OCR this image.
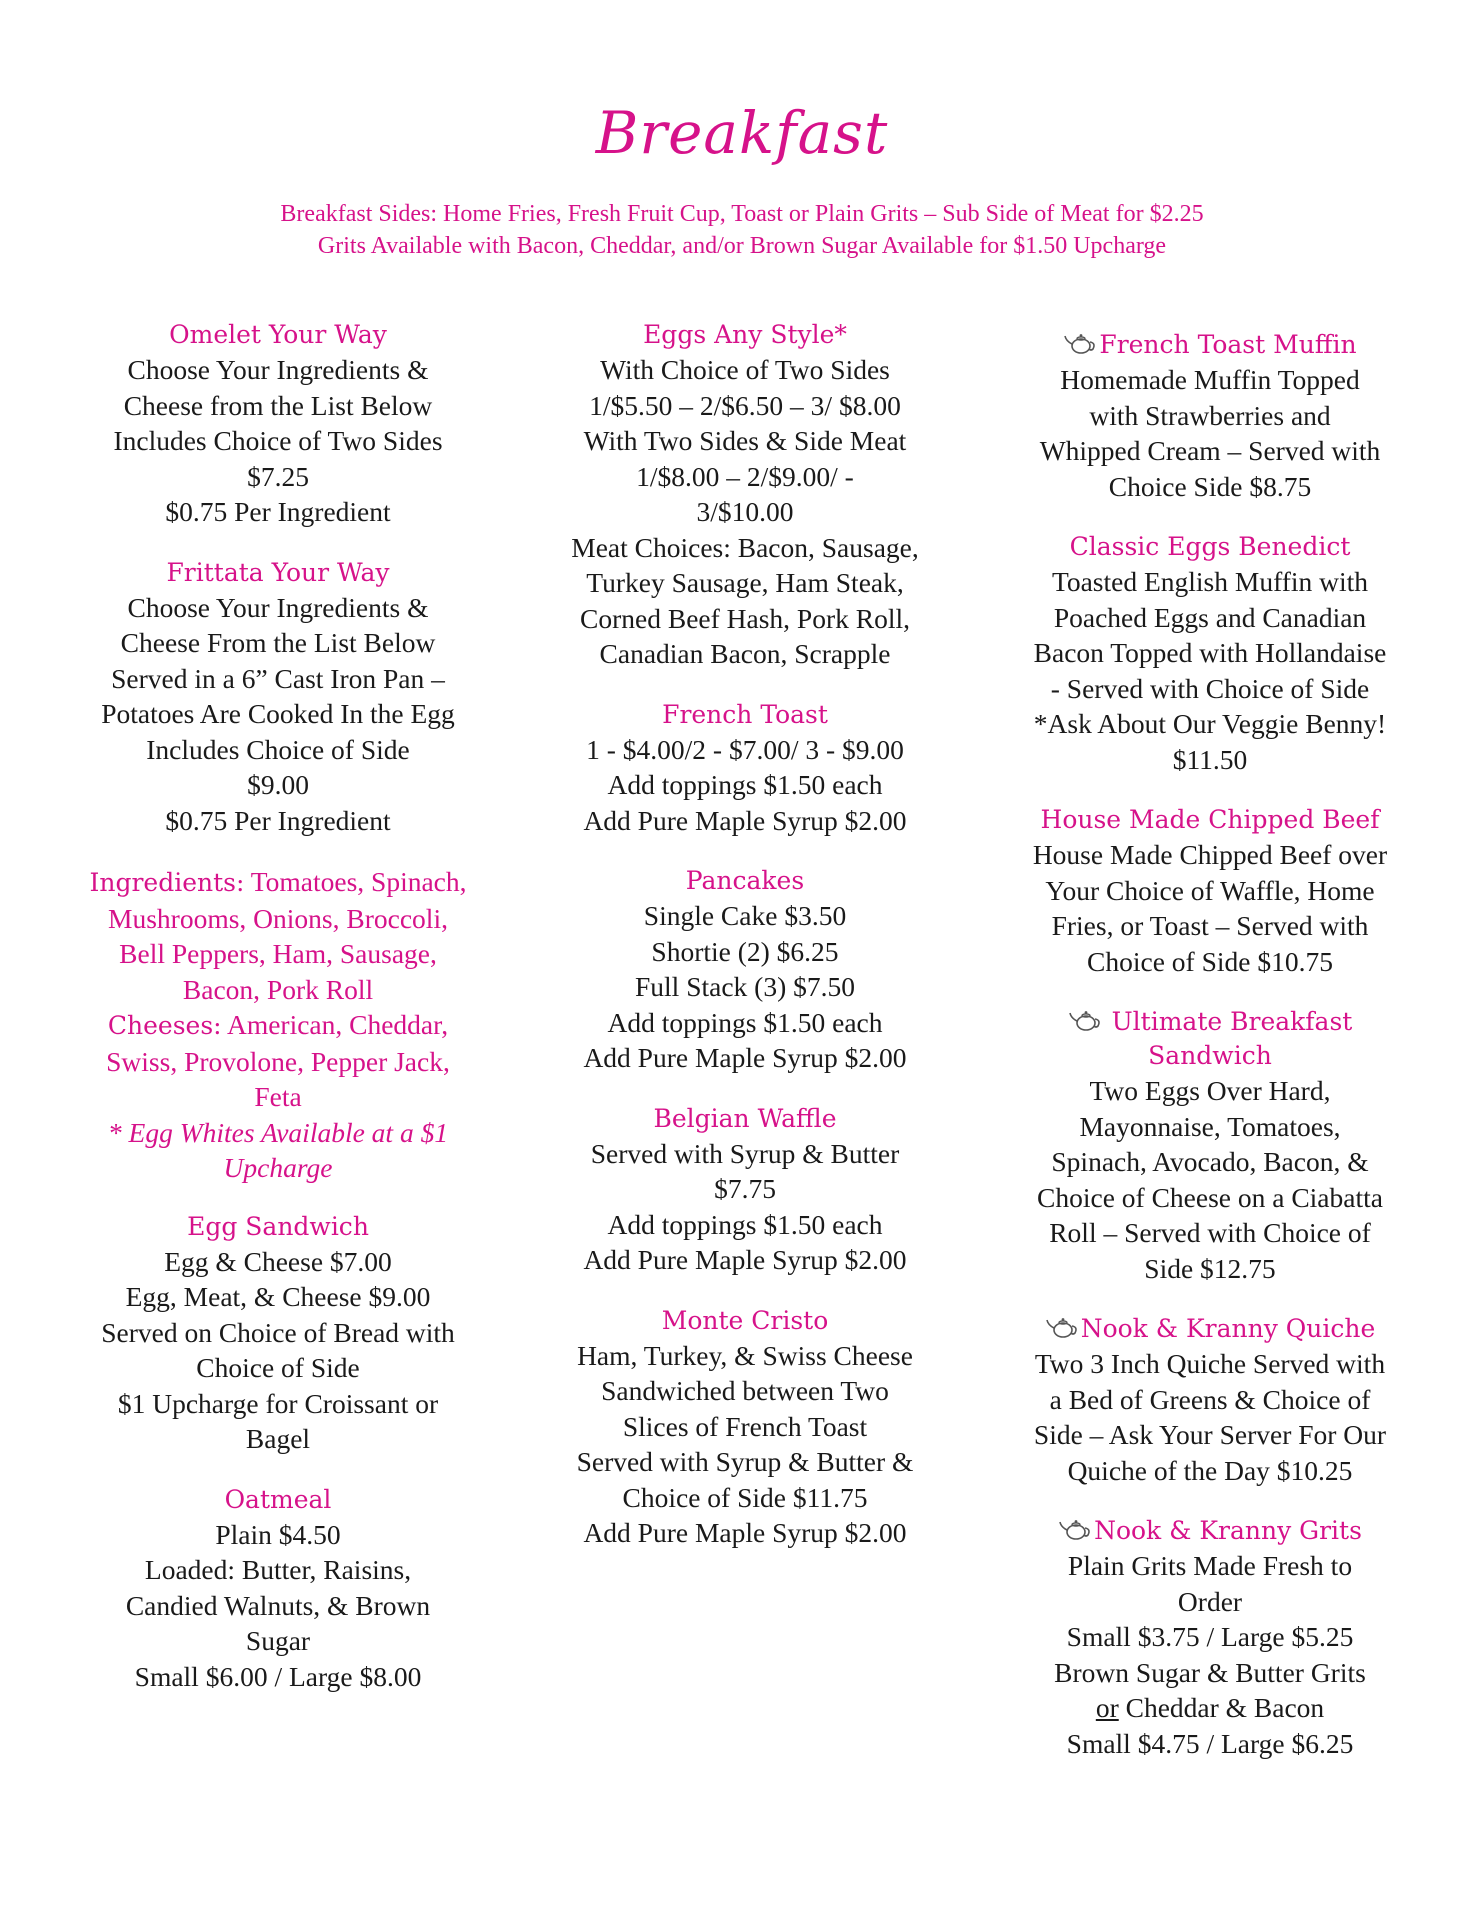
Breakfast
Breakfast Sides: Home Fries, Fresh Fruit Cup, Toast or Plain Grits – Sub Side of Meat for $2.25
Grits Available with Bacon, Cheddar, and/or Brown Sugar Available for $1.50 Upcharge
Omelet Your Way
Choose Your Ingredients &
Cheese from the List Below
Includes Choice of Two Sides
$7.25
$0.75 Per Ingredient
Frittata Your Way
Choose Your Ingredients &
Cheese From the List Below
Served in a 6” Cast Iron Pan –
Potatoes Are Cooked In the Egg
Includes Choice of Side
$9.00
$0.75 Per Ingredient
Ingredients: Tomatoes, Spinach,
Mushrooms, Onions, Broccoli,
Bell Peppers, Ham, Sausage,
Bacon, Pork Roll
Cheeses: American, Cheddar,
Swiss, Provolone, Pepper Jack,
Feta
* Egg Whites Available at a $1
Upcharge
Egg Sandwich
Egg & Cheese $7.00
Egg, Meat, & Cheese $9.00
Served on Choice of Bread with
Choice of Side
$1 Upcharge for Croissant or
Bagel
Oatmeal
Plain $4.50
Loaded: Butter, Raisins,
Candied Walnuts, & Brown
Sugar
Small $6.00 / Large $8.00
Eggs Any Style*
With Choice of Two Sides
1/$5.50 – 2/$6.50 – 3/ $8.00
With Two Sides & Side Meat
1/$8.00 – 2/$9.00/ -
3/$10.00
Meat Choices: Bacon, Sausage,
Turkey Sausage, Ham Steak,
Corned Beef Hash, Pork Roll,
Canadian Bacon, Scrapple
French Toast
1 - $4.00/2 - $7.00/ 3 - $9.00
Add toppings $1.50 each
Add Pure Maple Syrup $2.00
Pancakes
Single Cake $3.50
Shortie (2) $6.25
Full Stack (3) $7.50
Add toppings $1.50 each
Add Pure Maple Syrup $2.00
Belgian Waffle
Served with Syrup & Butter
$7.75
Add toppings $1.50 each
Add Pure Maple Syrup $2.00
Monte Cristo
Ham, Turkey, & Swiss Cheese
Sandwiched between Two
Slices of French Toast
Served with Syrup & Butter &
Choice of Side $11.75
Add Pure Maple Syrup $2.00
French Toast Muffin
Homemade Muffin Topped
with Strawberries and
Whipped Cream – Served with
Choice Side $8.75
Classic Eggs Benedict
Toasted English Muffin with
Poached Eggs and Canadian
Bacon Topped with Hollandaise
- Served with Choice of Side
*Ask About Our Veggie Benny!
$11.50
House Made Chipped Beef
House Made Chipped Beef over
Your Choice of Waffle, Home
Fries, or Toast – Served with
Choice of Side $10.75
Ultimate Breakfast
Sandwich
Two Eggs Over Hard,
Mayonnaise, Tomatoes,
Spinach, Avocado, Bacon, &
Choice of Cheese on a Ciabatta
Roll – Served with Choice of
Side $12.75
Nook & Kranny Quiche
Two 3 Inch Quiche Served with
a Bed of Greens & Choice of
Side – Ask Your Server For Our
Quiche of the Day $10.25
Nook & Kranny Grits
Plain Grits Made Fresh to
Order
Small $3.75 / Large $5.25
Brown Sugar & Butter Grits
or Cheddar & Bacon
Small $4.75 / Large $6.25
